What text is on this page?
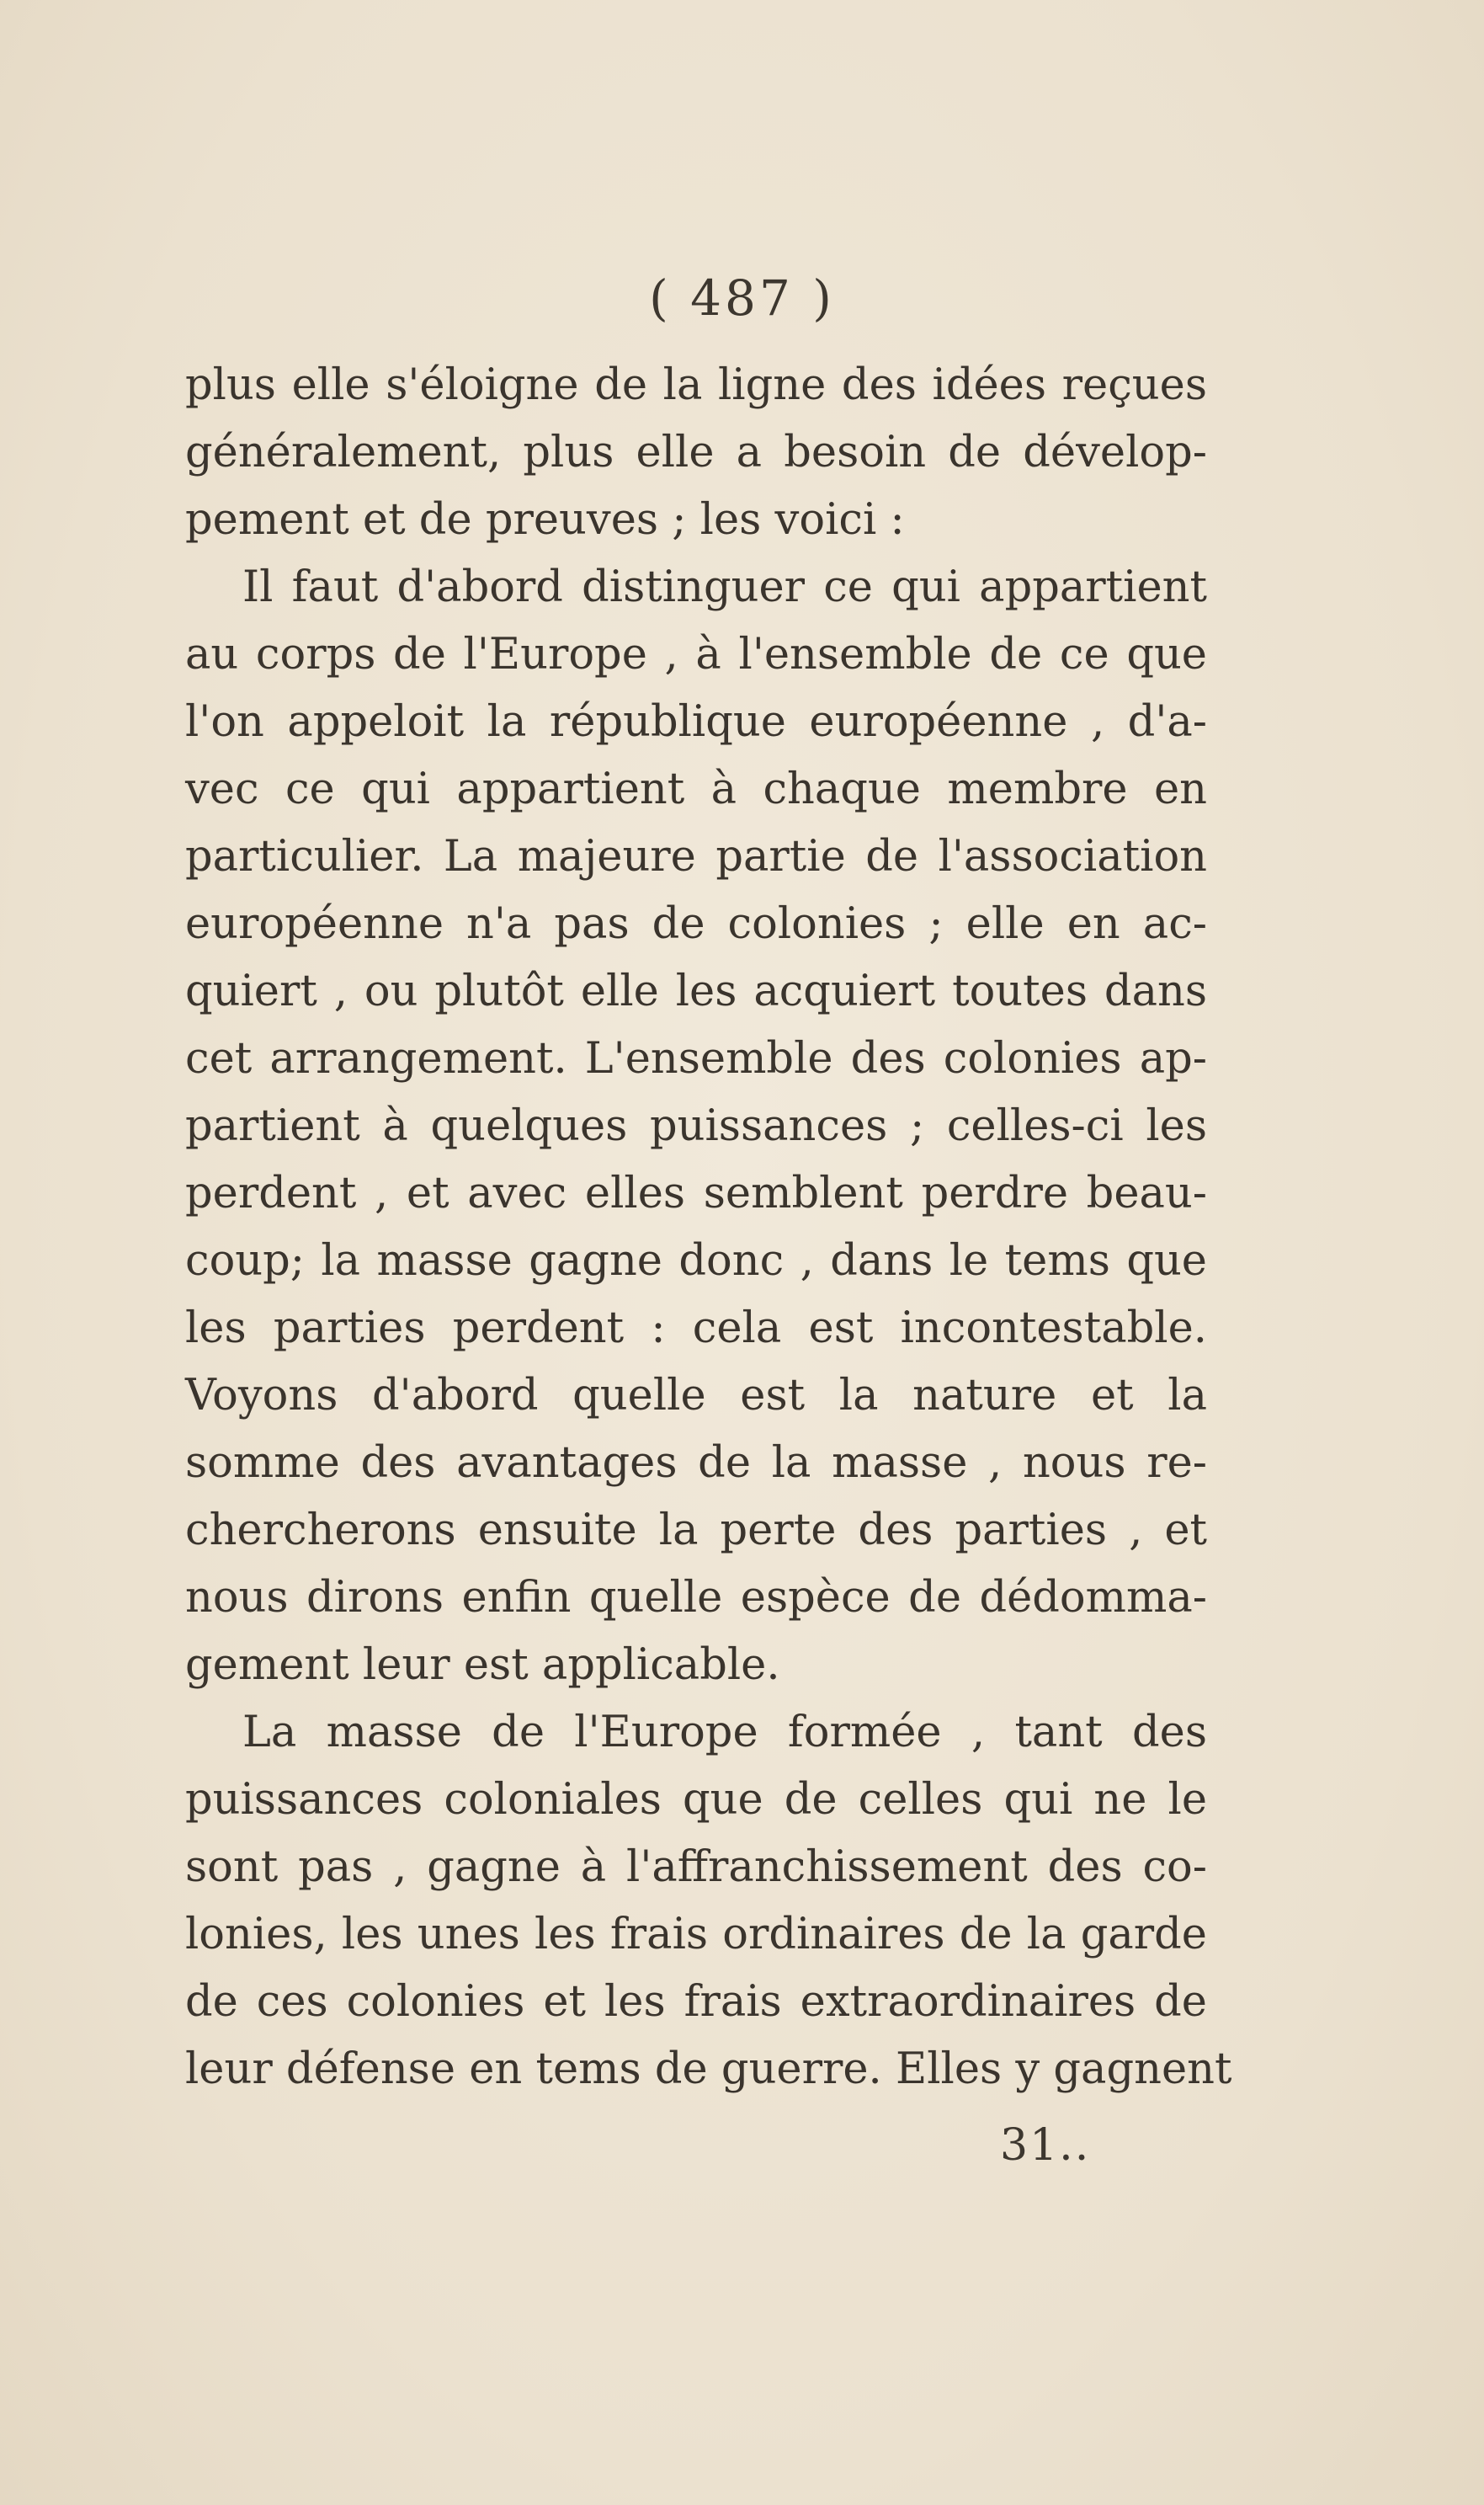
( 487 )
plus elle s'éloigne de la ligne des idées reçues
généralement, plus elle a besoin de dévelop-
pement et de preuves ; les voici :
Il faut d'abord distinguer ce qui appartient
au corps de l'Europe , à l'ensemble de ce que
l'on appeloit la république européenne , d'a-
vec ce qui appartient à chaque membre en
particulier. La majeure partie de l'association
européenne n'a pas de colonies ; elle en ac-
quiert , ou plutôt elle les acquiert toutes dans
cet arrangement. L'ensemble des colonies ap-
partient à quelques puissances ; celles-ci les
perdent , et avec elles semblent perdre beau-
coup; la masse gagne donc , dans le tems que
les parties perdent : cela est incontestable.
Voyons d'abord quelle est la nature et la
somme des avantages de la masse , nous re-
chercherons ensuite la perte des parties , et
nous dirons enfin quelle espèce de dédomma-
gement leur est applicable.
La masse de l'Europe formée , tant des
puissances coloniales que de celles qui ne le
sont pas , gagne à l'affranchissement des co-
lonies, les unes les frais ordinaires de la garde
de ces colonies et les frais extraordinaires de
leur défense en tems de guerre. Elles y gagnent
31..
